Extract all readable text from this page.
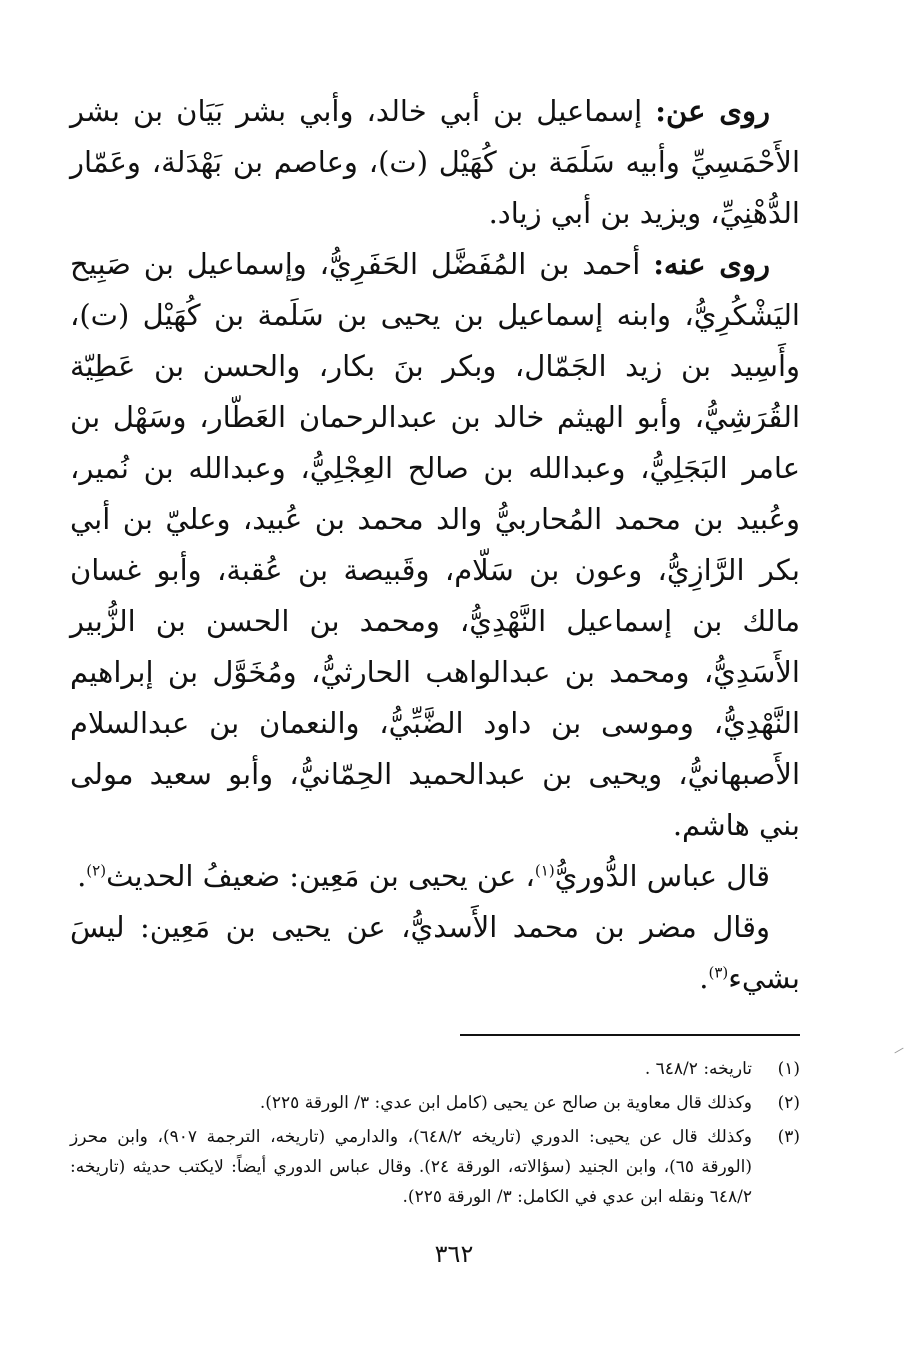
روى عن: إسماعيل بن أبي خالد، وأبي بشر بَيَان بن بشر الأَحْمَسِيِّ وأبيه سَلَمَة بن كُهَيْل (ت)، وعاصم بن بَهْدَلة، وعَمّار الدُّهْنِيِّ، ويزيد بن أبي زياد.

روى عنه: أحمد بن المُفَضَّل الحَفَرِيُّ، وإسماعيل بن صَبِيح اليَشْكُرِيُّ، وابنه إسماعيل بن يحيى بن سَلَمة بن كُهَيْل (ت)، وأَسِيد بن زيد الجَمّال، وبكر بنَ بكار، والحسن بن عَطِيّة القُرَشِيُّ، وأبو الهيثم خالد بن عبدالرحمان العَطّار، وسَهْل بن عامر البَجَلِيُّ، وعبدالله بن صالح العِجْلِيُّ، وعبدالله بن نُمير، وعُبيد بن محمد المُحاربيُّ والد محمد بن عُبيد، وعليّ بن أبي بكر الرَّازِيُّ، وعون بن سَلّام، وقَبيصة بن عُقبة، وأبو غسان مالك بن إسماعيل النَّهْدِيُّ، ومحمد بن الحسن بن الزُّبير الأَسَدِيُّ، ومحمد بن عبدالواهب الحارثيُّ، ومُخَوَّل بن إبراهيم النَّهْدِيُّ، وموسى بن داود الضَّبِّيُّ، والنعمان بن عبدالسلام الأَصبهانيُّ، ويحيى بن عبدالحميد الحِمّانيُّ، وأبو سعيد مولى بني هاشم.

قال عباس الدُّوريُّ$^{(١)}$، عن يحيى بن مَعِين: ضعيفُ الحديث$^{(٢)}$.

وقال مضر بن محمد الأَسديُّ، عن يحيى بن مَعِين: ليسَ بشيء$^{(٣)}$.

(١)
تاريخه: ٦٤٨/٢ .
(٢)
وكذلك قال معاوية بن صالح عن يحيى (كامل ابن عدي: ٣/ الورقة ٢٢٥).
(٣)
وكذلك قال عن يحيى: الدوري (تاريخه ٦٤٨/٢)، والدارمي (تاريخه، الترجمة ٩٠٧)، وابن محرز (الورقة ٦٥)، وابن الجنيد (سؤالاته، الورقة ٢٤). وقال عباس الدوري أيضاً: لايكتب حديثه (تاريخه: ٦٤٨/٢ ونقله ابن عدي في الكامل: ٣/ الورقة ٢٢٥).
٣٦٢
